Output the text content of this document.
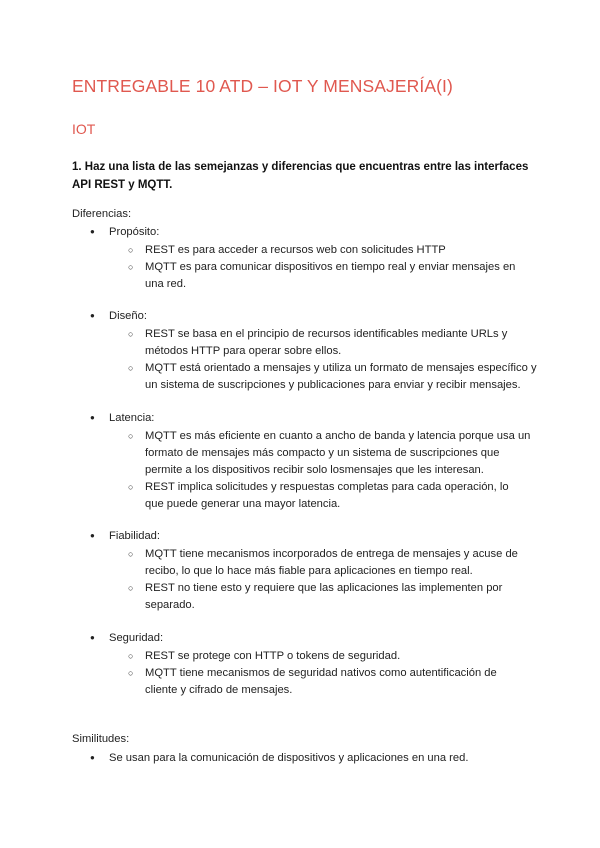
ENTREGABLE 10 ATD – IOT Y MENSAJERÍA(I)
IOT

1. Haz una lista de las semejanzas y diferencias que encuentras entre las interfaces API REST y MQTT.

Diferencias:

● Propósito:
○ REST es para acceder a recursos web con solicitudes HTTP
○ MQTT es para comunicar dispositivos en tiempo real y enviar mensajes en una red.
● Diseño:
○ REST se basa en el principio de recursos identificables mediante URLs y métodos HTTP para operar sobre ellos.
○ MQTT está orientado a mensajes y utiliza un formato de mensajes específico y un sistema de suscripciones y publicaciones para enviar y recibir mensajes.
● Latencia:
○ MQTT es más eficiente en cuanto a ancho de banda y latencia porque usa un formato de mensajes más compacto y un sistema de suscripciones que permite a los dispositivos recibir solo losmensajes que les interesan.
○ REST implica solicitudes y respuestas completas para cada operación, lo que puede generar una mayor latencia.
● Fiabilidad:
○ MQTT tiene mecanismos incorporados de entrega de mensajes y acuse de recibo, lo que lo hace más fiable para aplicaciones en tiempo real.
○ REST no tiene esto y requiere que las aplicaciones las implementen por separado.
● Seguridad:
○ REST se protege con HTTP o tokens de seguridad.
○ MQTT tiene mecanismos de seguridad nativos como autentificación de cliente y cifrado de mensajes.

Similitudes:

● Se usan para la comunicación de dispositivos y aplicaciones en una red.
